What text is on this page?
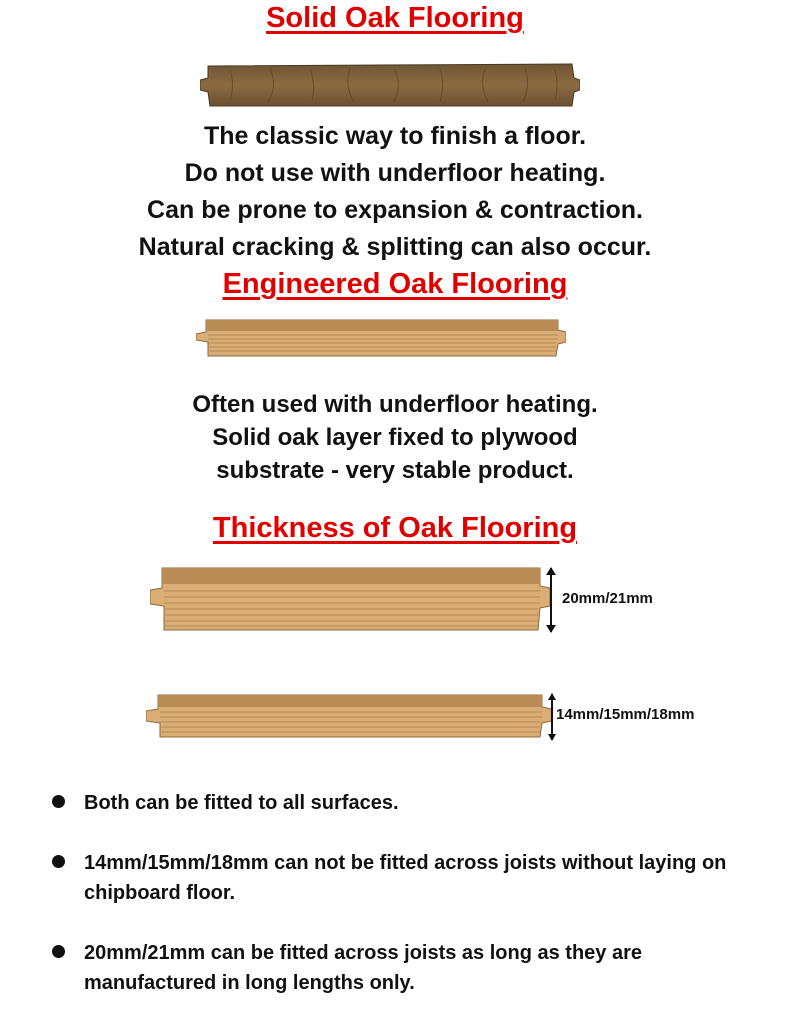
Solid Oak Flooring

The classic way to finish a floor.
Do not use with underfloor heating.
Can be prone to expansion & contraction.
Natural cracking & splitting can also occur.

Engineered Oak Flooring

Often used with underfloor heating.
Solid oak layer fixed to plywood
substrate - very stable product.

Thickness of Oak Flooring
20mm/21mm
14mm/15mm/18mm
Both can be fitted to all surfaces.
14mm/15mm/18mm can not be fitted across joists without laying on chipboard floor.
20mm/21mm can be fitted across joists as long as they are manufactured in long lengths only.
